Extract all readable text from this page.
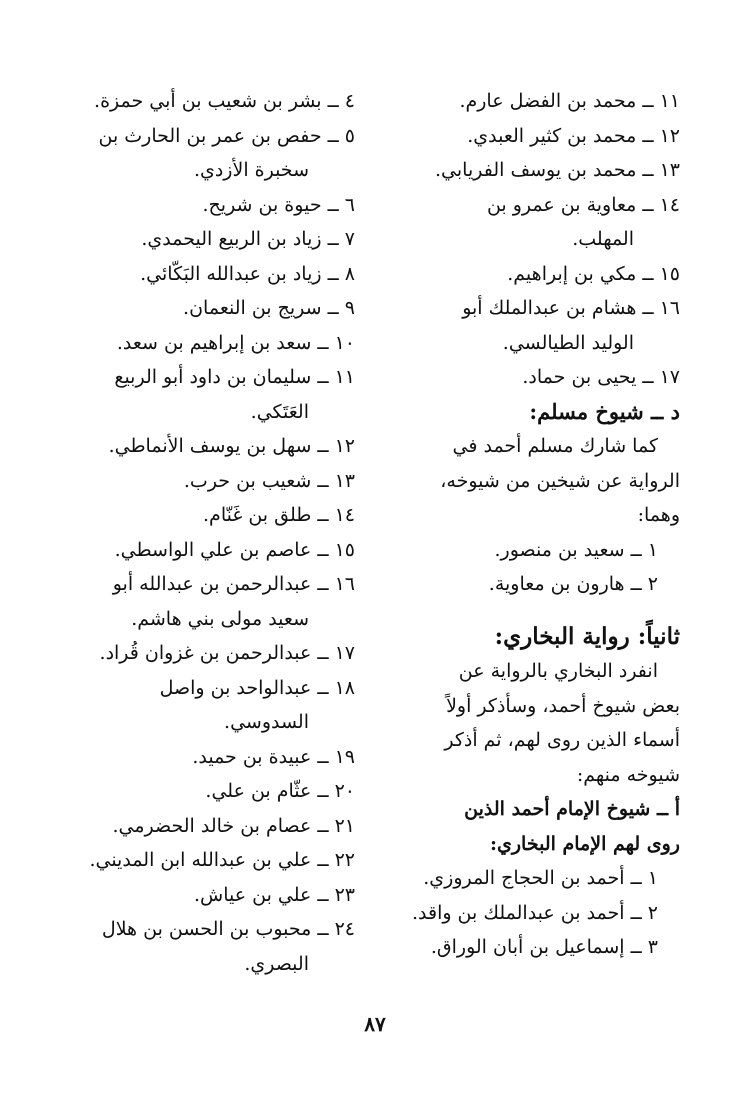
١١ ــ محمد بن الفضل عارم.
١٢ ــ محمد بن كثير العبدي.
١٣ ــ محمد بن يوسف الفريابي.
١٤ ــ معاوية بن عمرو بن
المهلب.
١٥ ــ مكي بن إبراهيم.
١٦ ــ هشام بن عبدالملك أبو
الوليد الطيالسي.
١٧ ــ يحيى بن حماد.
د ــ شيوخ مسلم:
كما شارك مسلم أحمد في
الرواية عن شيخين من شيوخه،
وهما:
١ ــ سعيد بن منصور.
٢ ــ هارون بن معاوية.
ثانياً: رواية البخاري:
انفرد البخاري بالرواية عن
بعض شيوخ أحمد، وسأذكر أولاً
أسماء الذين روى لهم، ثم أذكر
شيوخه منهم:
أ ــ شيوخ الإمام أحمد الذين
روى لهم الإمام البخاري:
١ ــ أحمد بن الحجاج المروزي.
٢ ــ أحمد بن عبدالملك بن واقد.
٣ ــ إسماعيل بن أبان الوراق.
٤ ــ بشر بن شعيب بن أبي حمزة.
٥ ــ حفص بن عمر بن الحارث بن
سخبرة الأزدي.
٦ ــ حيوة بن شريح.
٧ ــ زياد بن الربيع اليحمدي.
٨ ــ زياد بن عبدالله البَكّائي.
٩ ــ سريج بن النعمان.
١٠ ــ سعد بن إبراهيم بن سعد.
١١ ــ سليمان بن داود أبو الربيع
العَتَكي.
١٢ ــ سهل بن يوسف الأنماطي.
١٣ ــ شعيب بن حرب.
١٤ ــ طلق بن غَنّام.
١٥ ــ عاصم بن علي الواسطي.
١٦ ــ عبدالرحمن بن عبدالله أبو
سعيد مولى بني هاشم.
١٧ ــ عبدالرحمن بن غزوان قُراد.
١٨ ــ عبدالواحد بن واصل
السدوسي.
١٩ ــ عبيدة بن حميد.
٢٠ ــ عثّام بن علي.
٢١ ــ عصام بن خالد الحضرمي.
٢٢ ــ علي بن عبدالله ابن المديني.
٢٣ ــ علي بن عياش.
٢٤ ــ محبوب بن الحسن بن هلال
البصري.
٨٧
